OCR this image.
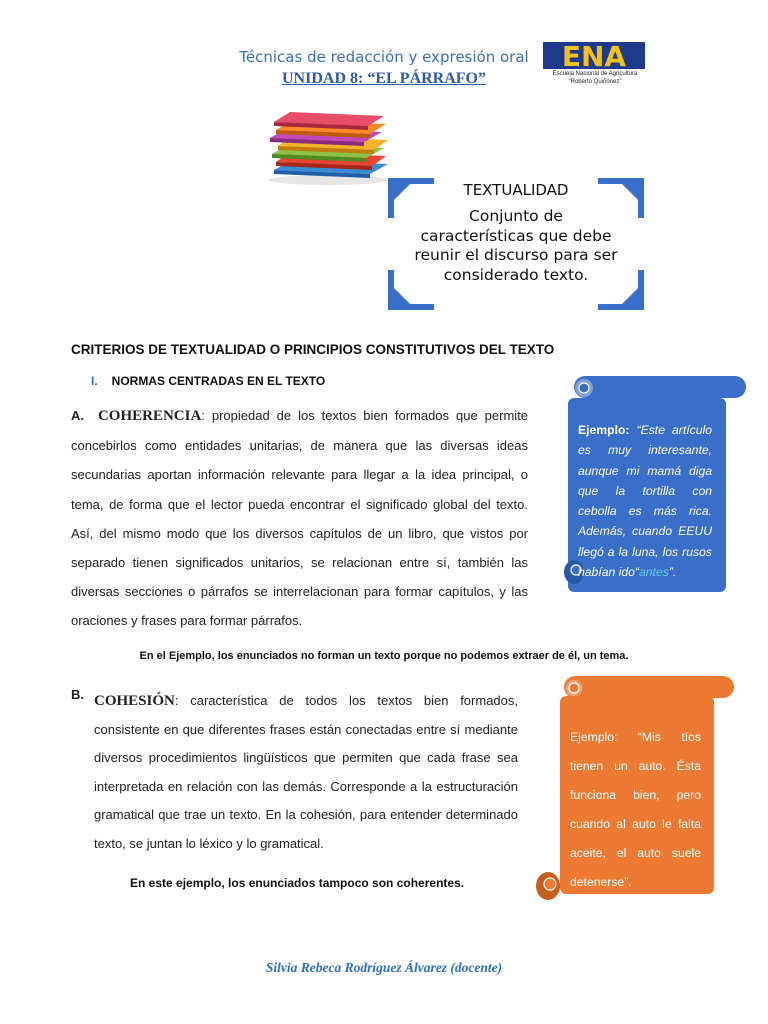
Técnicas de redacción y expresión oral
UNIDAD 8: “EL PÁRRAFO”
ENA
Escuela Nacional de Agricultura
“Roberto Quiñónez”
TEXTUALIDAD
Conjunto de características que debe reunir el discurso para ser considerado texto.
CRITERIOS DE TEXTUALIDAD O PRINCIPIOS CONSTITUTIVOS DEL TEXTO
I. NORMAS CENTRADAS EN EL TEXTO

A. COHERENCIA: propiedad de los textos bien formados que permite concebirlos como entidades unitarias, de manera que las diversas ideas secundarias aportan información relevante para llegar a la idea principal, o tema, de forma que el lector pueda encontrar el significado global del texto. Así, del mismo modo que los diversos capítulos de un libro, que vistos por separado tienen significados unitarios, se relacionan entre sí, también las diversas secciones o párrafos se interrelacionan para formar capítulos, y las oraciones y frases para formar párrafos.

Ejemplo: “Este artículo es muy interesante, aunque mi mamá diga que la tortilla con cebolla es más rica. Además, cuando EEUU llegó a la luna, los rusos habían ido“antes”.
En el Ejemplo, los enunciados no forman un texto porque no podemos extraer de él, un tema.
B. COHESIÓN: característica de todos los textos bien formados, consistente en que diferentes frases están conectadas entre sí mediante diversos procedimientos lingüísticos que permiten que cada frase sea interpretada en relación con las demás. Corresponde a la estructuración gramatical que trae un texto. En la cohesión, para entender determinado texto, se juntan lo léxico y lo gramatical.
Ejemplo: “Mis tíos tienen un auto. Ésta funciona bien, pero cuando al auto le falta aceite, el auto suele detenerse”.
En este ejemplo, los enunciados tampoco son coherentes.
Silvia Rebeca Rodríguez Álvarez (docente)
